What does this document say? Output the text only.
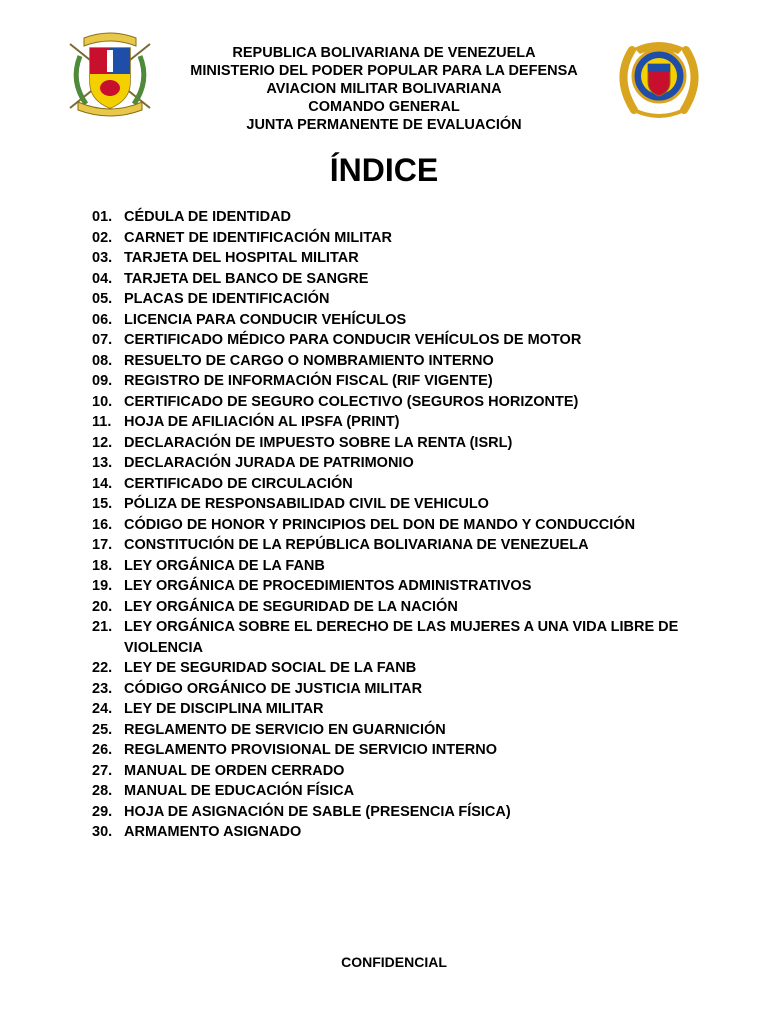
REPUBLICA BOLIVARIANA DE VENEZUELA
MINISTERIO DEL PODER POPULAR PARA LA DEFENSA
AVIACION MILITAR BOLIVARIANA
COMANDO GENERAL
JUNTA PERMANENTE DE EVALUACIÓN
ÍNDICE
01. CÉDULA DE IDENTIDAD
02. CARNET DE IDENTIFICACIÓN MILITAR
03. TARJETA DEL HOSPITAL MILITAR
04. TARJETA DEL BANCO DE SANGRE
05. PLACAS DE IDENTIFICACIÓN
06. LICENCIA PARA CONDUCIR VEHÍCULOS
07. CERTIFICADO MÉDICO PARA CONDUCIR VEHÍCULOS DE MOTOR
08. RESUELTO DE CARGO O NOMBRAMIENTO INTERNO
09. REGISTRO DE INFORMACIÓN FISCAL (RIF VIGENTE)
10. CERTIFICADO DE SEGURO COLECTIVO (SEGUROS HORIZONTE)
11. HOJA DE AFILIACIÓN AL IPSFA (PRINT)
12. DECLARACIÓN DE IMPUESTO SOBRE LA RENTA (ISRL)
13. DECLARACIÓN JURADA DE PATRIMONIO
14. CERTIFICADO DE CIRCULACIÓN
15. PÓLIZA DE RESPONSABILIDAD CIVIL DE VEHICULO
16. CÓDIGO DE HONOR Y PRINCIPIOS DEL DON DE MANDO Y CONDUCCIÓN
17. CONSTITUCIÓN DE LA REPÚBLICA BOLIVARIANA DE VENEZUELA
18. LEY ORGÁNICA DE LA FANB
19. LEY ORGÁNICA DE PROCEDIMIENTOS ADMINISTRATIVOS
20. LEY ORGÁNICA DE SEGURIDAD DE LA NACIÓN
21. LEY ORGÁNICA SOBRE EL DERECHO DE LAS MUJERES A UNA VIDA LIBRE DE VIOLENCIA
22. LEY DE SEGURIDAD SOCIAL DE LA FANB
23. CÓDIGO ORGÁNICO DE JUSTICIA MILITAR
24. LEY DE DISCIPLINA MILITAR
25. REGLAMENTO DE SERVICIO EN GUARNICIÓN
26. REGLAMENTO PROVISIONAL DE SERVICIO INTERNO
27. MANUAL DE ORDEN CERRADO
28. MANUAL DE EDUCACIÓN FÍSICA
29. HOJA DE ASIGNACIÓN DE SABLE (PRESENCIA FÍSICA)
30. ARMAMENTO ASIGNADO
CONFIDENCIAL
